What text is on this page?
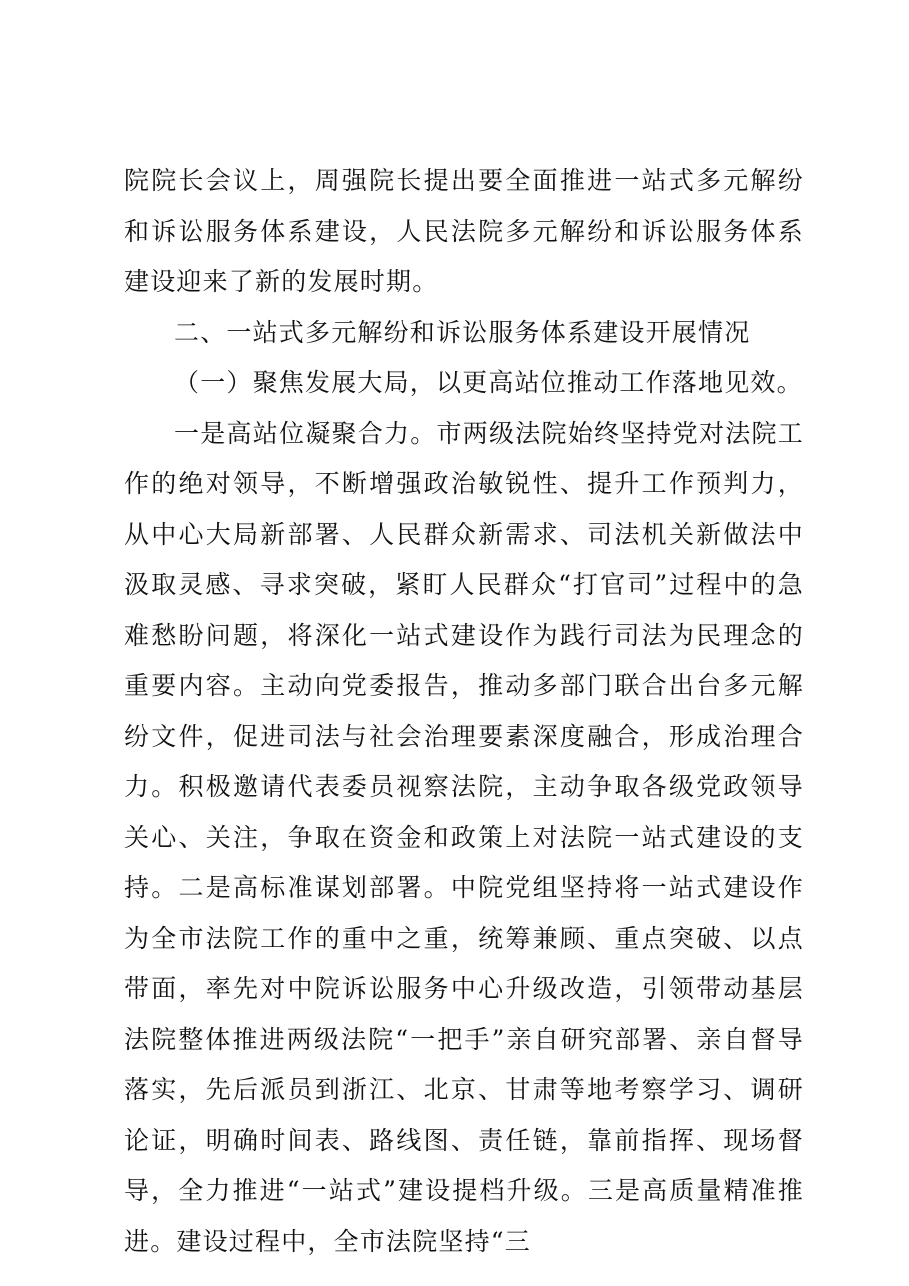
院院长会议上，周强院长提出要全面推进一站式多元解纷和诉讼服务体系建设，人民法院多元解纷和诉讼服务体系建设迎来了新的发展时期。

二、一站式多元解纷和诉讼服务体系建设开展情况

（一）聚焦发展大局，以更高站位推动工作落地见效。

一是高站位凝聚合力。市两级法院始终坚持党对法院工作的绝对领导，不断增强政治敏锐性、提升工作预判力，从中心大局新部署、人民群众新需求、司法机关新做法中汲取灵感、寻求突破，紧盯人民群众“打官司”过程中的急难愁盼问题，将深化一站式建设作为践行司法为民理念的重要内容。主动向党委报告，推动多部门联合出台多元解纷文件，促进司法与社会治理要素深度融合，形成治理合力。积极邀请代表委员视察法院，主动争取各级党政领导关心、关注，争取在资金和政策上对法院一站式建设的支持。二是高标准谋划部署。中院党组坚持将一站式建设作为全市法院工作的重中之重，统筹兼顾、重点突破、以点带面，率先对中院诉讼服务中心升级改造，引领带动基层法院整体推进两级法院“一把手”亲自研究部署、亲自督导落实，先后派员到浙江、北京、甘肃等地考察学习、调研论证，明确时间表、路线图、责任链，靠前指挥、现场督导，全力推进“一站式”建设提档升级。三是高质量精准推进。建设过程中，全市法院坚持“三
